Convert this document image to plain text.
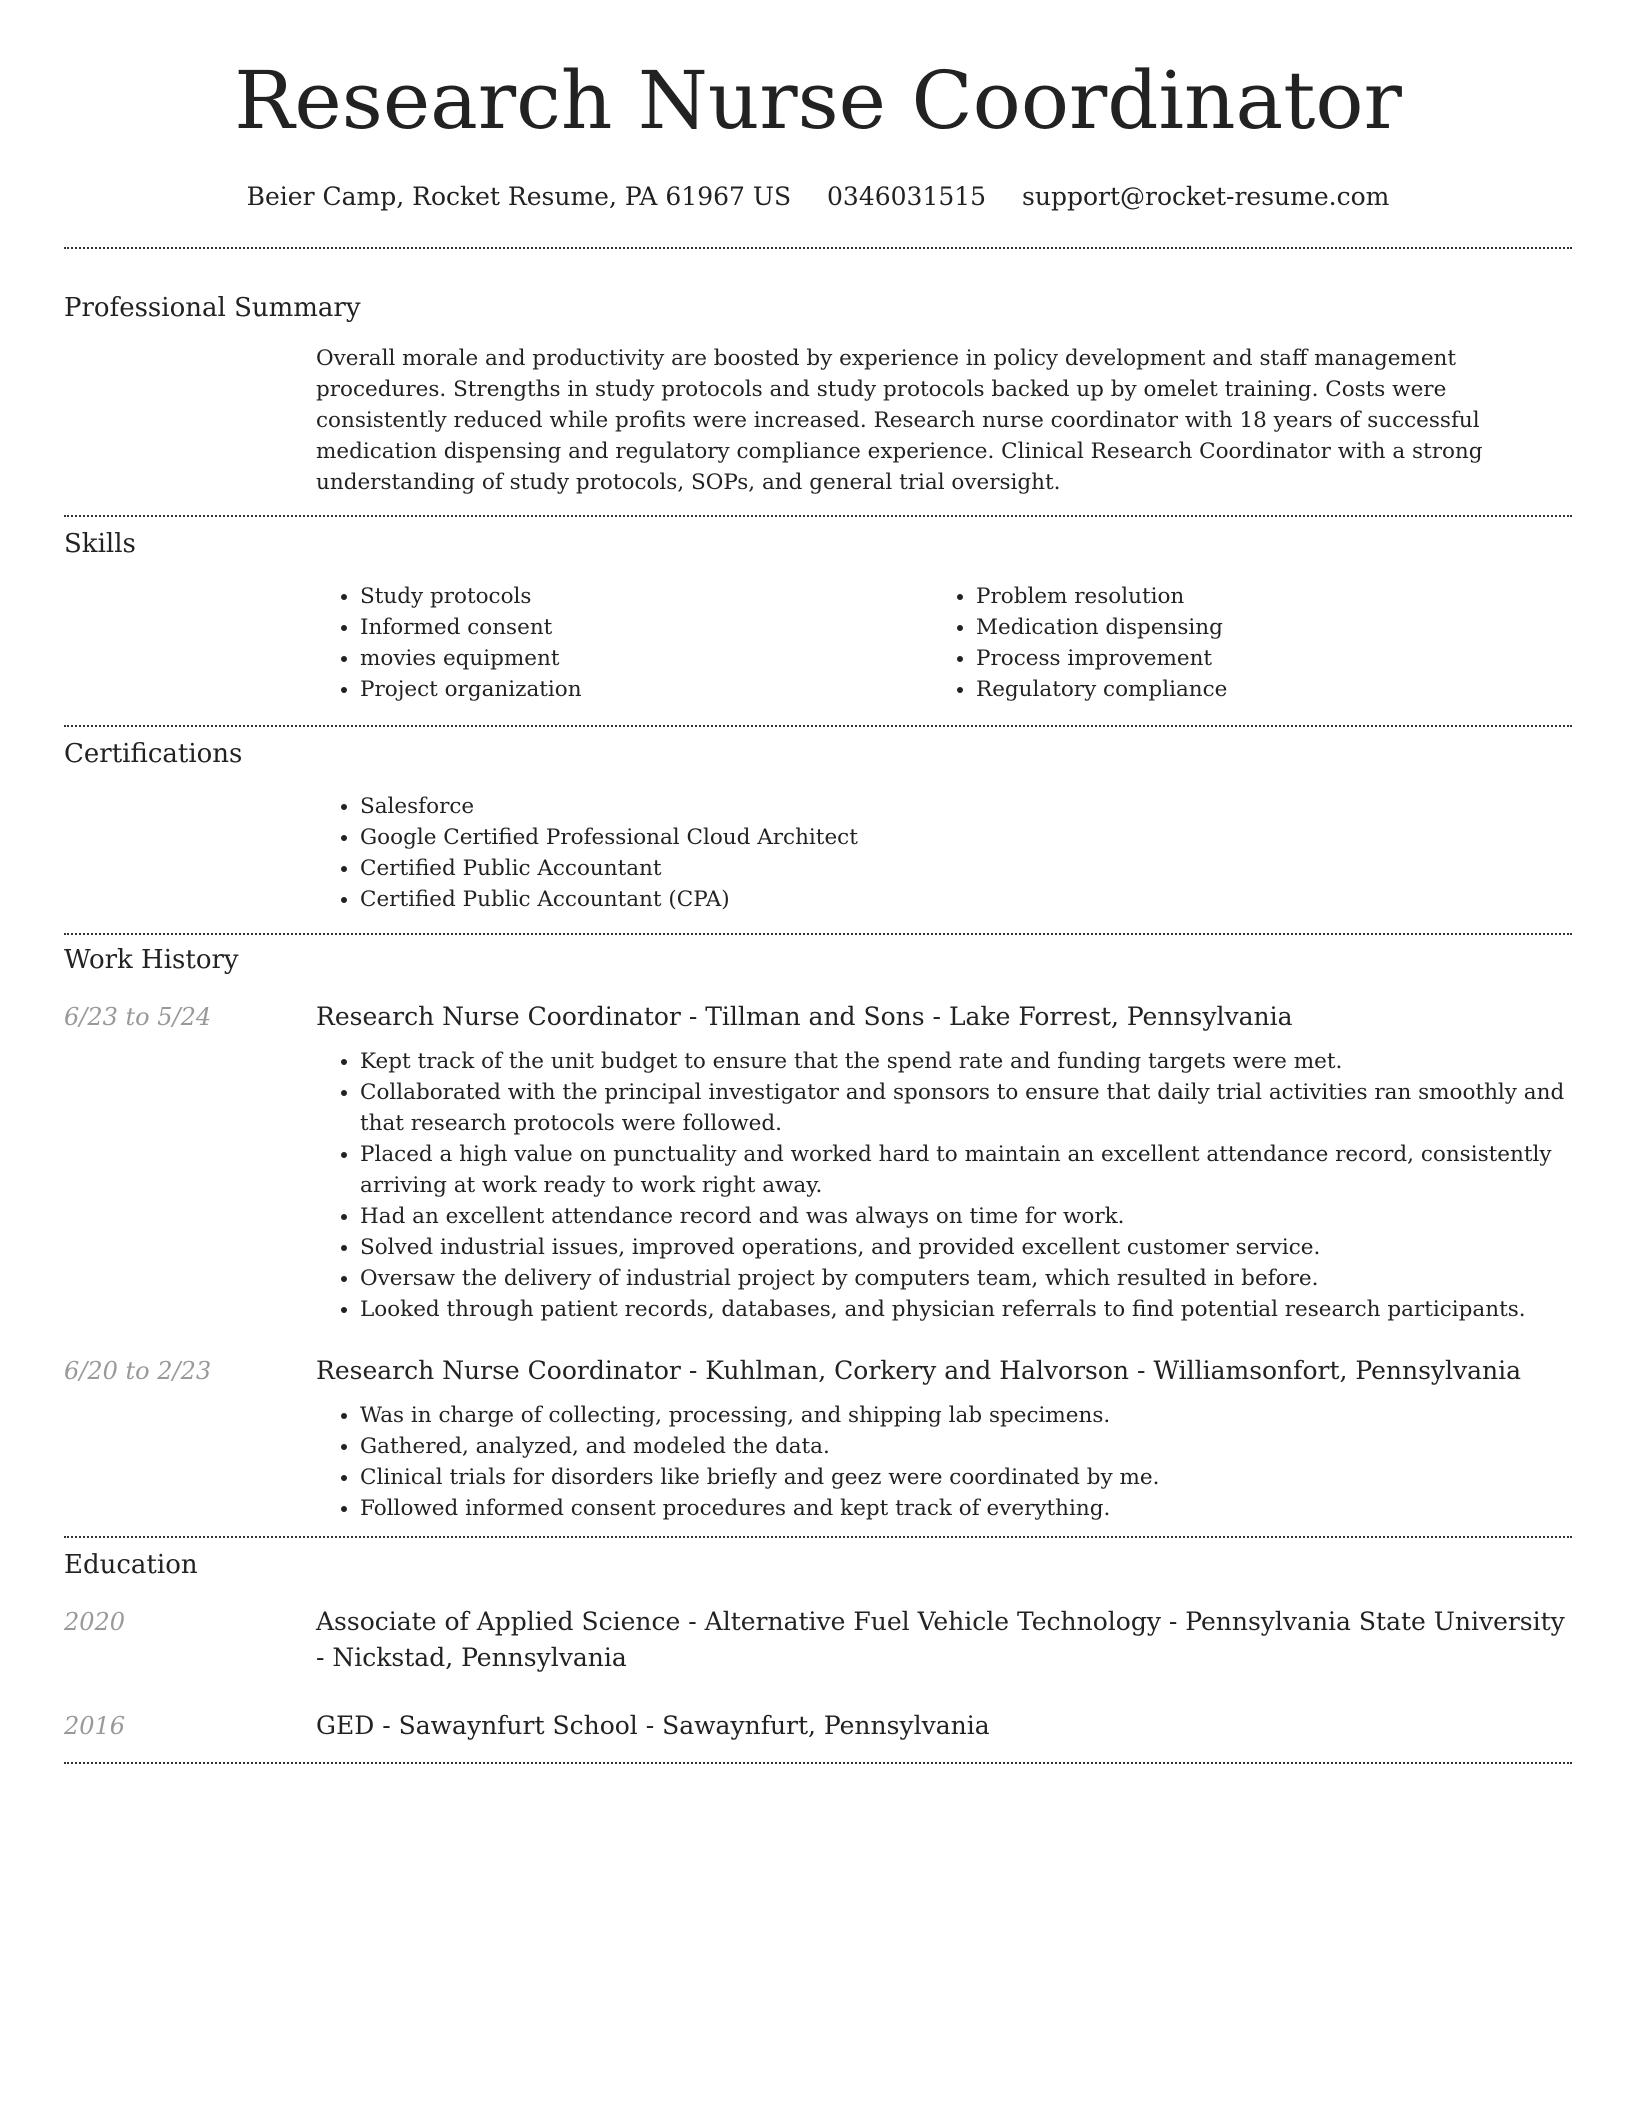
Research Nurse Coordinator
Beier Camp, Rocket Resume, PA 61967 US 0346031515 support@rocket-resume.com
Professional Summary

Overall morale and productivity are boosted by experience in policy development and staff management procedures. Strengths in study protocols and study protocols backed up by omelet training. Costs were consistently reduced while profits were increased. Research nurse coordinator with 18 years of successful medication dispensing and regulatory compliance experience. Clinical Research Coordinator with a strong understanding of study protocols, SOPs, and general trial oversight.

Skills
• Study protocols
• Informed consent
• movies equipment
• Project organization
• Problem resolution
• Medication dispensing
• Process improvement
• Regulatory compliance
Certifications
• Salesforce
• Google Certified Professional Cloud Architect
• Certified Public Accountant
• Certified Public Accountant (CPA)
Work History
6/23 to 5/24	Research Nurse Coordinator - Tillman and Sons - Lake Forrest, Pennsylvania
• Kept track of the unit budget to ensure that the spend rate and funding targets were met.
• Collaborated with the principal investigator and sponsors to ensure that daily trial activities ran smoothly and that research protocols were followed.
• Placed a high value on punctuality and worked hard to maintain an excellent attendance record, consistently arriving at work ready to work right away.
• Had an excellent attendance record and was always on time for work.
• Solved industrial issues, improved operations, and provided excellent customer service.
• Oversaw the delivery of industrial project by computers team, which resulted in before.
• Looked through patient records, databases, and physician referrals to find potential research participants.
6/20 to 2/23	Research Nurse Coordinator - Kuhlman, Corkery and Halvorson - Williamsonfort, Pennsylvania
• Was in charge of collecting, processing, and shipping lab specimens.
• Gathered, analyzed, and modeled the data.
• Clinical trials for disorders like briefly and geez were coordinated by me.
• Followed informed consent procedures and kept track of everything.
Education
2020	Associate of Applied Science - Alternative Fuel Vehicle Technology - Pennsylvania State University - Nickstad, Pennsylvania
2016	GED - Sawaynfurt School - Sawaynfurt, Pennsylvania
